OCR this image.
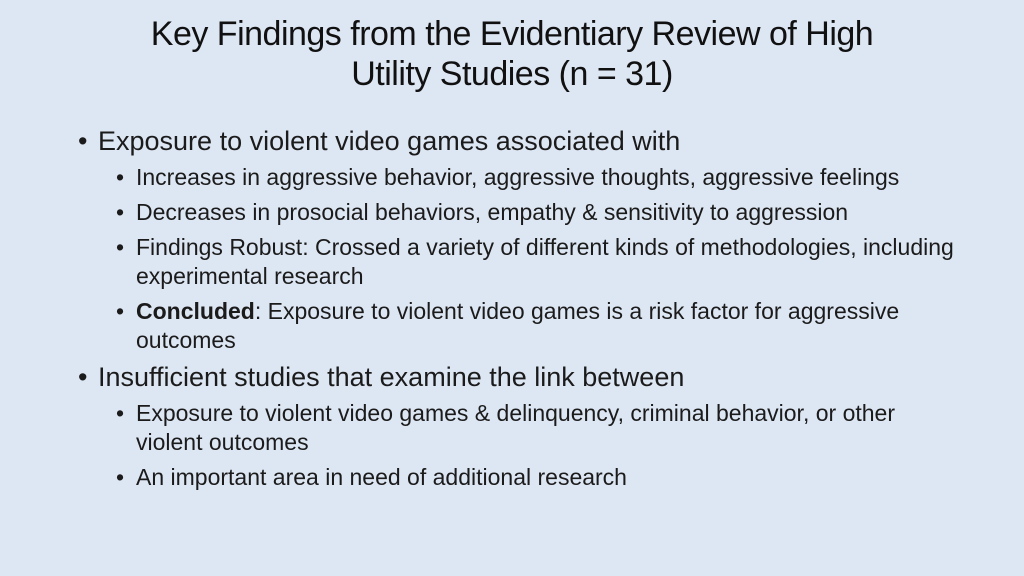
Key Findings from the Evidentiary Review of High
Utility Studies (n = 31)
• Exposure to violent video games associated with
• Increases in aggressive behavior, aggressive thoughts, aggressive feelings
• Decreases in prosocial behaviors, empathy & sensitivity to aggression
• Findings Robust: Crossed a variety of different kinds of methodologies, including experimental research
• Concluded: Exposure to violent video games is a risk factor for aggressive outcomes
• Insufficient studies that examine the link between
• Exposure to violent video games & delinquency, criminal behavior, or other violent outcomes
• An important area in need of additional research
